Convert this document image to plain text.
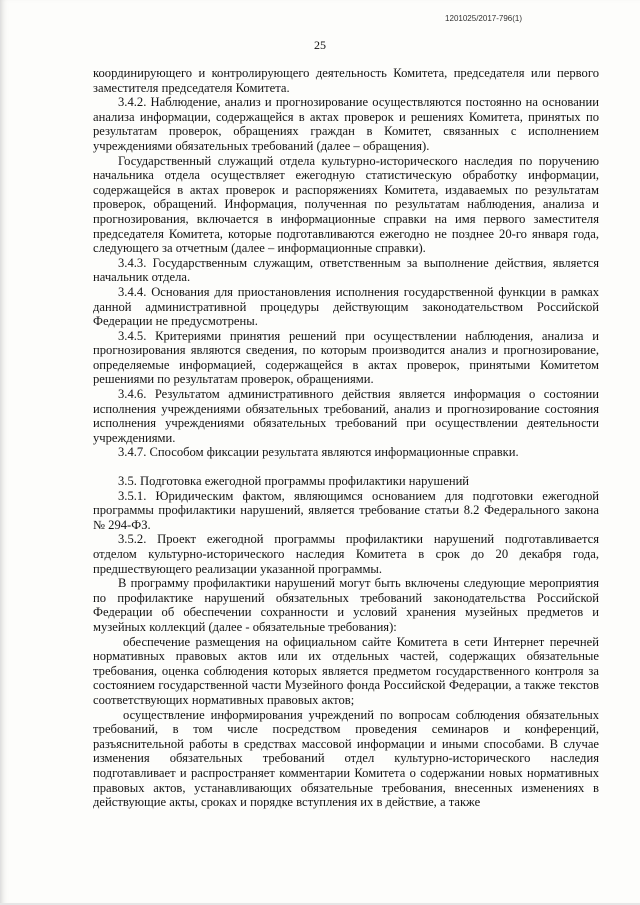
1201025/2017-796(1)
25

координирующего и контролирующего деятельность Комитета, председателя или первого заместителя председателя Комитета.

3.4.2. Наблюдение, анализ и прогнозирование осуществляются постоянно на основании анализа информации, содержащейся в актах проверок и решениях Комитета, принятых по результатам проверок, обращениях граждан в Комитет, связанных с исполнением учреждениями обязательных требований (далее – обращения).

Государственный служащий отдела культурно-исторического наследия по поручению начальника отдела осуществляет ежегодную статистическую обработку информации, содержащейся в актах проверок и распоряжениях Комитета, издаваемых по результатам проверок, обращений. Информация, полученная по результатам наблюдения, анализа и прогнозирования, включается в информационные справки на имя первого заместителя председателя Комитета, которые подготавливаются ежегодно не позднее 20-го января года, следующего за отчетным (далее – информационные справки).

3.4.3. Государственным служащим, ответственным за выполнение действия, является начальник отдела.

3.4.4. Основания для приостановления исполнения государственной функции в рамках данной административной процедуры действующим законодательством Российской Федерации не предусмотрены.

3.4.5. Критериями принятия решений при осуществлении наблюдения, анализа и прогнозирования являются сведения, по которым производится анализ и прогнозирование, определяемые информацией, содержащейся в актах проверок, принятыми Комитетом решениями по результатам проверок, обращениями.

3.4.6. Результатом административного действия является информация о состоянии исполнения учреждениями обязательных требований, анализ и прогнозирование состояния исполнения учреждениями обязательных требований при осуществлении деятельности учреждениями.

3.4.7. Способом фиксации результата являются информационные справки.

3.5. Подготовка ежегодной программы профилактики нарушений

3.5.1. Юридическим фактом, являющимся основанием для подготовки ежегодной программы профилактики нарушений, является требование статьи 8.2 Федерального закона № 294-ФЗ.

3.5.2. Проект ежегодной программы профилактики нарушений подготавливается отделом культурно-исторического наследия Комитета в срок до 20 декабря года, предшествующего реализации указанной программы.

В программу профилактики нарушений могут быть включены следующие мероприятия по профилактике нарушений обязательных требований законодательства Российской Федерации об обеспечении сохранности и условий хранения музейных предметов и музейных коллекций (далее - обязательные требования):

обеспечение размещения на официальном сайте Комитета в сети Интернет перечней нормативных правовых актов или их отдельных частей, содержащих обязательные требования, оценка соблюдения которых является предметом государственного контроля за состоянием государственной части Музейного фонда Российской Федерации, а также текстов соответствующих нормативных правовых актов;

осуществление информирования учреждений по вопросам соблюдения обязательных требований, в том числе посредством проведения семинаров и конференций, разъяснительной работы в средствах массовой информации и иными способами. В случае изменения обязательных требований отдел культурно-исторического наследия подготавливает и распространяет комментарии Комитета о содержании новых нормативных правовых актов, устанавливающих обязательные требования, внесенных изменениях в действующие акты, сроках и порядке вступления их в действие, а также
